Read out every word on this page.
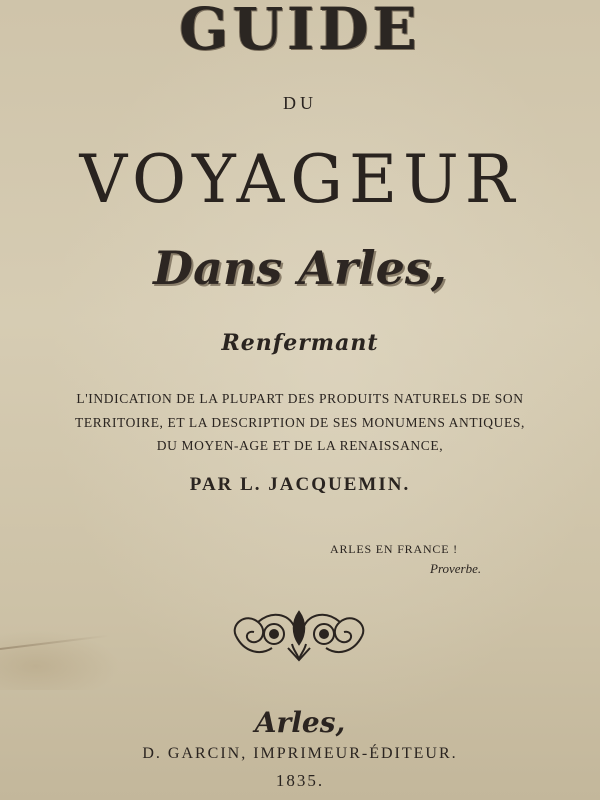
GUIDE
DU
VOYAGEUR
Dans Arles,
Renfermant
L'INDICATION DE LA PLUPART DES PRODUITS NATURELS DE SON
TERRITOIRE, ET LA DESCRIPTION DE SES MONUMENS ANTIQUES,
DU MOYEN-AGE ET DE LA RENAISSANCE,
PAR L. JACQUEMIN.
ARLES EN FRANCE !
Proverbe.
Arles,
D. GARCIN, IMPRIMEUR-ÉDITEUR.
1835.
